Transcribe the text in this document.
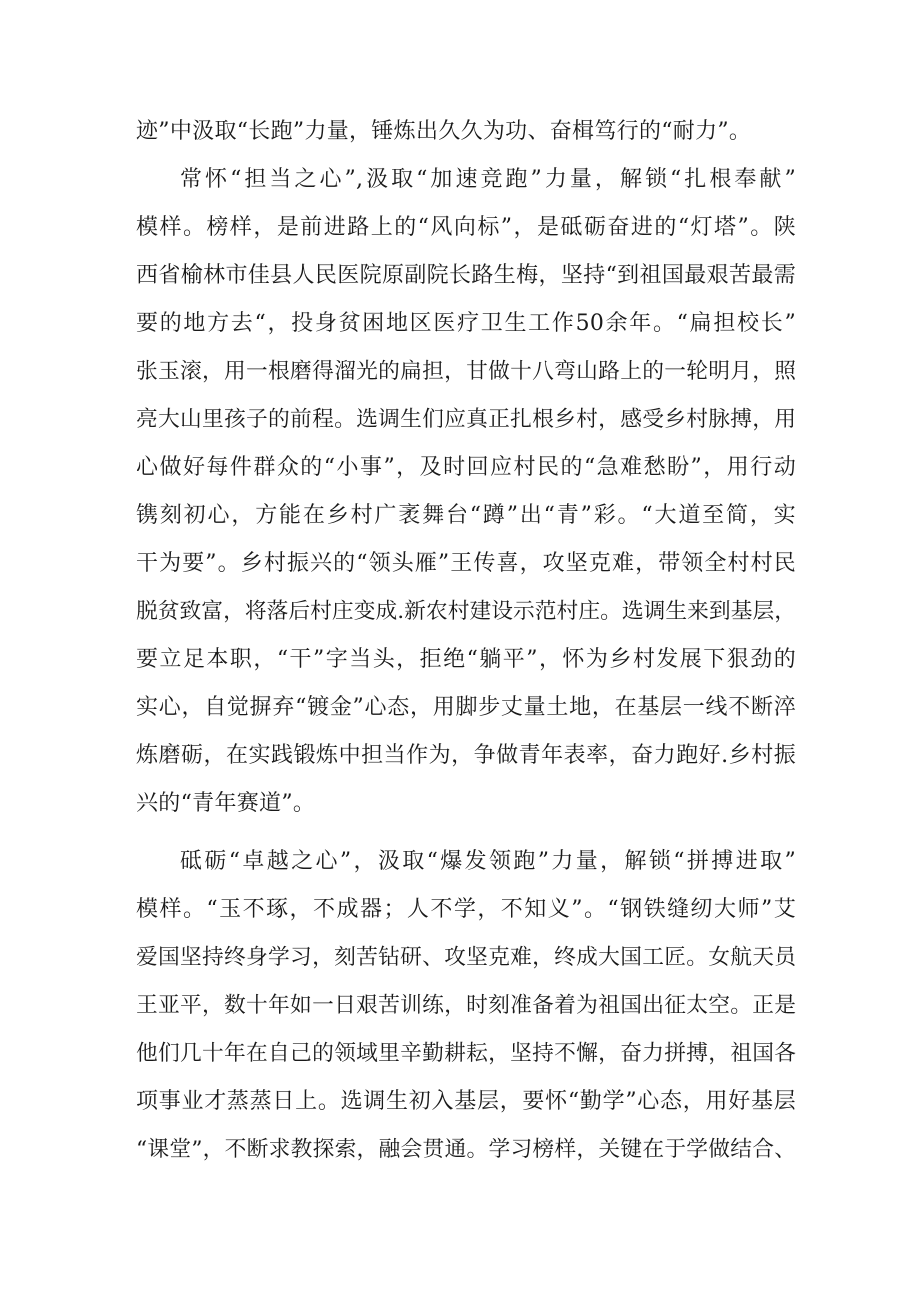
迹”中汲取“长跑”力量，锤炼出久久为功、奋楫笃行的“耐力”。
常怀“担当之心”,汲取“加速竞跑”力量，解锁“扎根奉献”
模样。榜样，是前进路上的“风向标”，是砥砺奋进的“灯塔”。陕
西省榆林市佳县人民医院原副院长路生梅，坚持“到祖国最艰苦最需
要的地方去“，投身贫困地区医疗卫生工作50余年。“扁担校长”
张玉滚，用一根磨得溜光的扁担，甘做十八弯山路上的一轮明月，照
亮大山里孩子的前程。选调生们应真正扎根乡村，感受乡村脉搏，用
心做好每件群众的“小事”，及时回应村民的“急难愁盼”，用行动
镌刻初心，方能在乡村广袤舞台“蹲”出“青”彩。“大道至简，实
干为要”。乡村振兴的“领头雁”王传喜，攻坚克难，带领全村村民
脱贫致富，将落后村庄变成.新农村建设示范村庄。选调生来到基层，
要立足本职，“干”字当头，拒绝“躺平”，怀为乡村发展下狠劲的
实心，自觉摒弃“镀金”心态，用脚步丈量土地，在基层一线不断淬
炼磨砺，在实践锻炼中担当作为，争做青年表率，奋力跑好.乡村振
兴的“青年赛道”。
砥砺“卓越之心”，汲取“爆发领跑”力量，解锁“拼搏进取”
模样。“玉不琢，不成器；人不学，不知义”。“钢铁缝纫大师”艾
爱国坚持终身学习，刻苦钻研、攻坚克难，终成大国工匠。女航天员
王亚平，数十年如一日艰苦训练，时刻准备着为祖国出征太空。正是
他们几十年在自己的领域里辛勤耕耘，坚持不懈，奋力拼搏，祖国各
项事业才蒸蒸日上。选调生初入基层，要怀“勤学”心态，用好基层
“课堂”，不断求教探索，融会贯通。学习榜样，关键在于学做结合、
